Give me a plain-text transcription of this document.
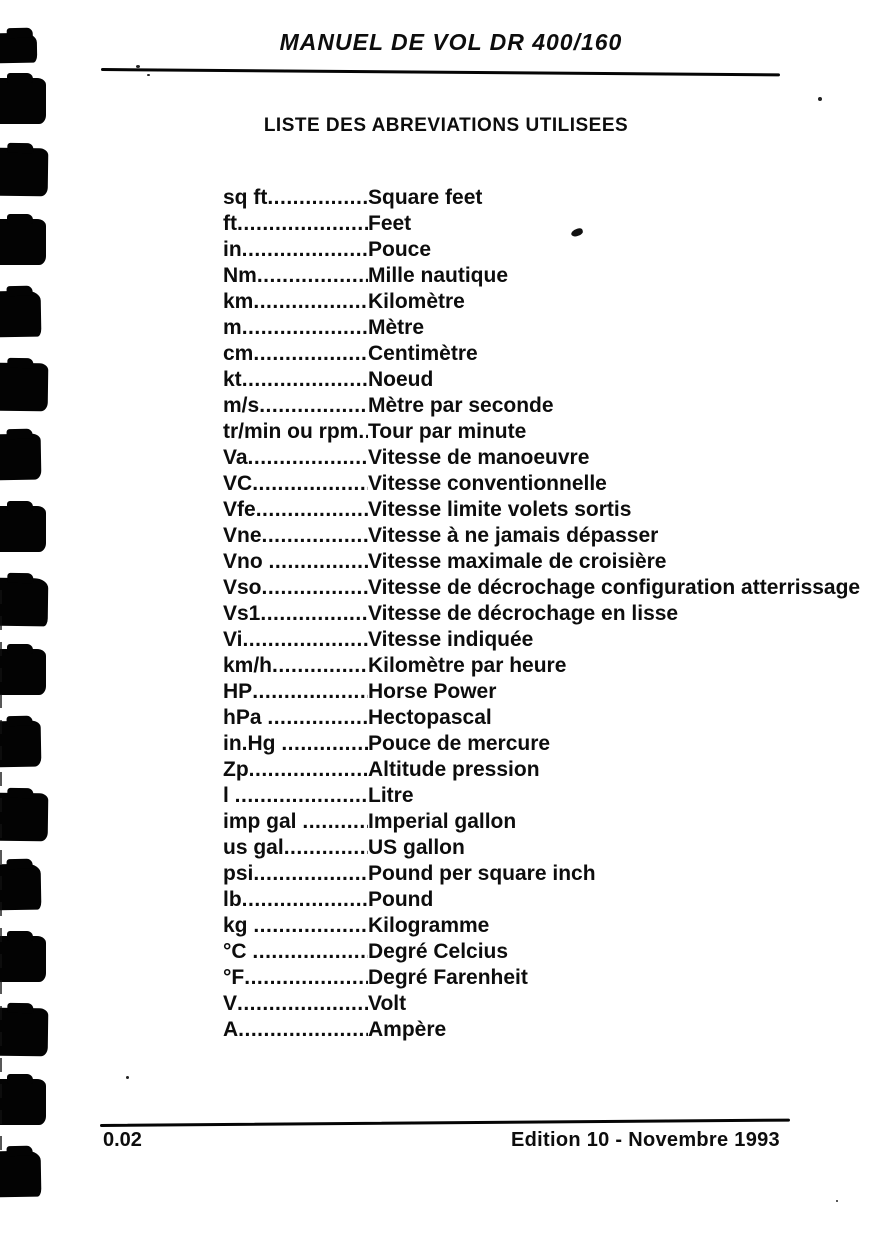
MANUEL DE VOL DR 400/160
LISTE DES ABREVIATIONS UTILISEES
sq ft .....	Square feet
ft .....	Feet
in .....	Pouce
Nm .....	Mille nautique
km .....	Kilomètre
m .....	Mètre
cm .....	Centimètre
kt .....	Noeud
m/s .....	Mètre par seconde
tr/min ou rpm ..... Tour par minute
Va .....	Vitesse de manoeuvre
VC .....	Vitesse conventionnelle
Vfe .....	Vitesse limite volets sortis
Vne .....	Vitesse à ne jamais dépasser
Vno .....	Vitesse maximale de croisière
Vso .....	Vitesse de décrochage configuration atterrissage
Vs1 .....	Vitesse de décrochage en lisse
Vi .....	Vitesse indiquée
km/h .....	Kilomètre par heure
HP .....	Horse Power
hPa .....	Hectopascal
in.Hg .....	Pouce de mercure
Zp .....	Altitude pression
l .....	Litre
imp gal .....	Imperial gallon
us gal .....	US gallon
psi .....	Pound per square inch
lb .....	Pound
kg .....	Kilogramme
°C .....	Degré Celcius
°F .....	Degré Farenheit
V .....	Volt
A .....	Ampère
0.02	Edition 10 - Novembre 1993
